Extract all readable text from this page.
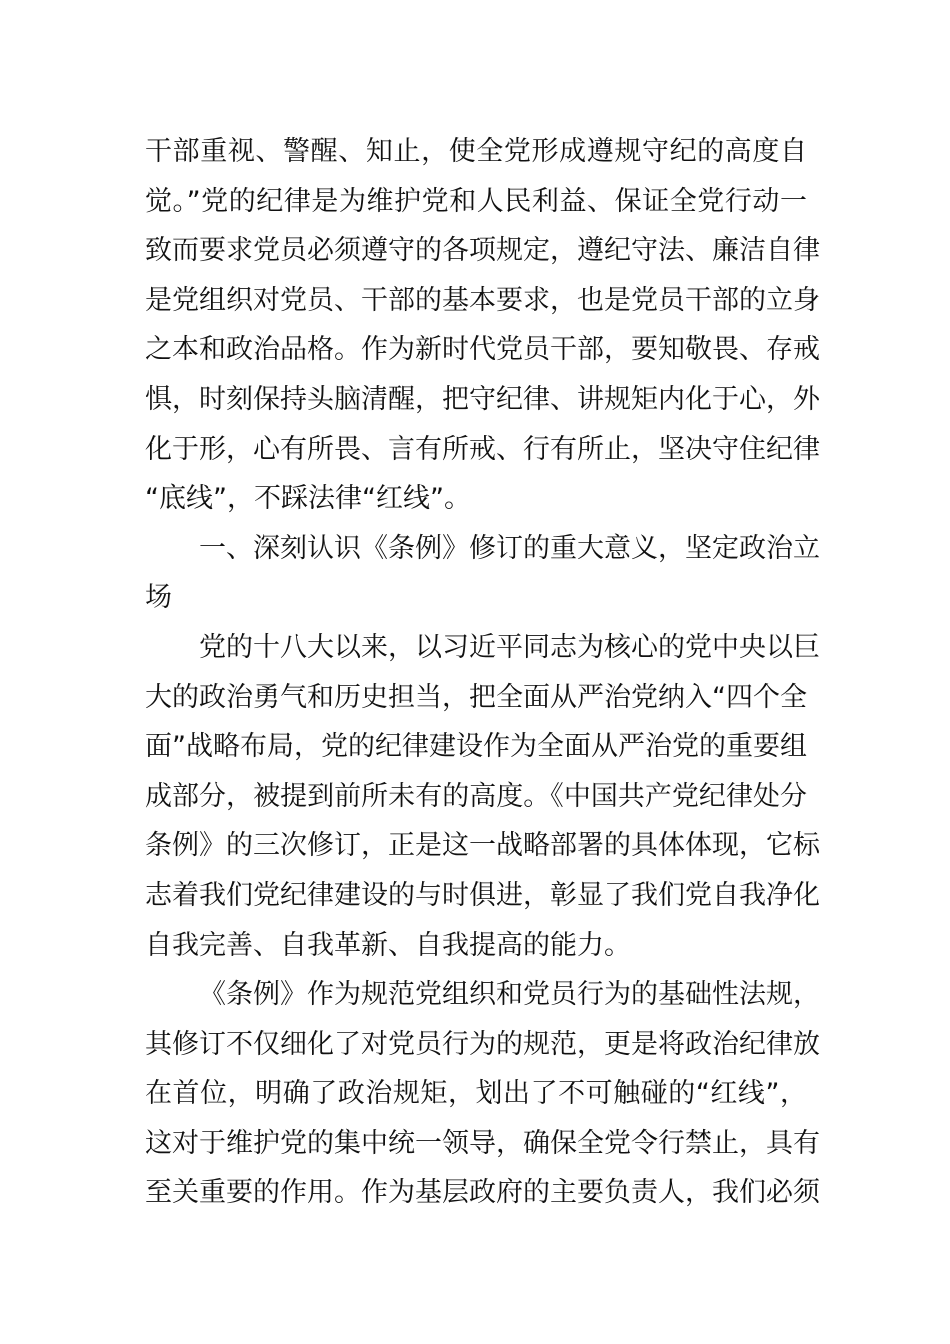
干部重视、警醒、知止，使全党形成遵规守纪的高度自
觉。”党的纪律是为维护党和人民利益、保证全党行动一
致而要求党员必须遵守的各项规定，遵纪守法、廉洁自律
是党组织对党员、干部的基本要求，也是党员干部的立身
之本和政治品格。作为新时代党员干部，要知敬畏、存戒
惧，时刻保持头脑清醒，把守纪律、讲规矩内化于心，外
化于形，心有所畏、言有所戒、行有所止，坚决守住纪律
“底线”，不踩法律“红线”。
一、深刻认识《条例》修订的重大意义，坚定政治立
场
党的十八大以来，以习近平同志为核心的党中央以巨
大的政治勇气和历史担当，把全面从严治党纳入“四个全
面”战略布局，党的纪律建设作为全面从严治党的重要组
成部分，被提到前所未有的高度。《中国共产党纪律处分
条例》的三次修订，正是这一战略部署的具体体现，它标
志着我们党纪律建设的与时俱进，彰显了我们党自我净化
自我完善、自我革新、自我提高的能力。
《条例》作为规范党组织和党员行为的基础性法规，
其修订不仅细化了对党员行为的规范，更是将政治纪律放
在首位，明确了政治规矩，划出了不可触碰的“红线”，
这对于维护党的集中统一领导，确保全党令行禁止，具有
至关重要的作用。作为基层政府的主要负责人，我们必须
